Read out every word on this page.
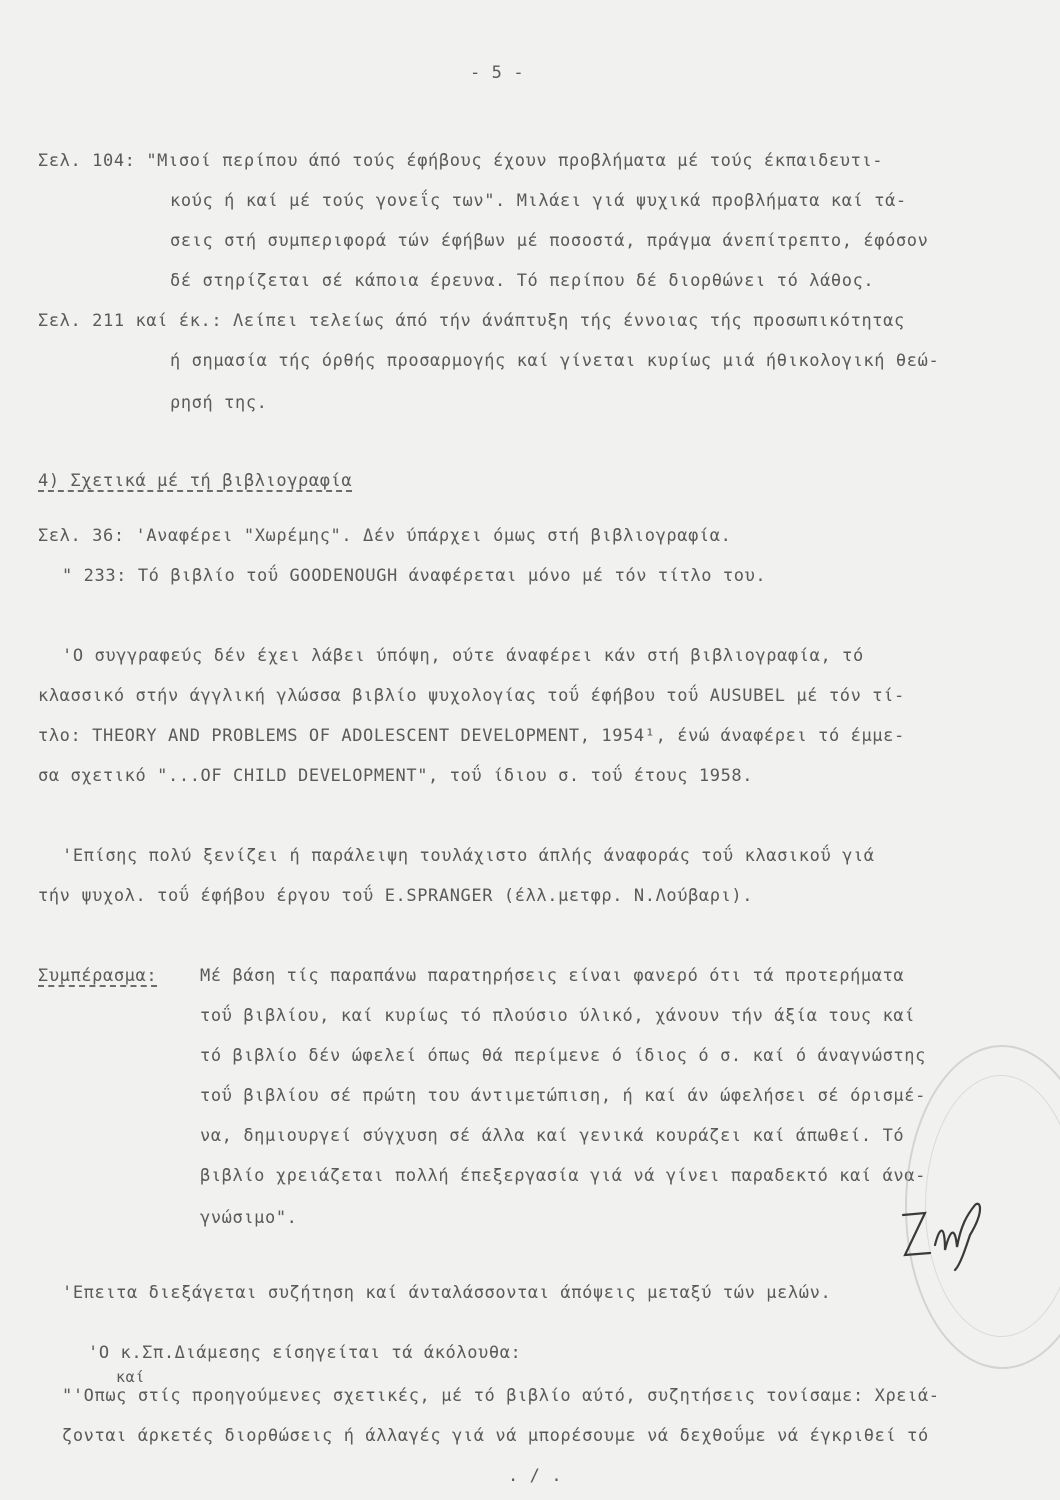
- 5 -
Σελ. 104: "Μισοί περίπου άπό τούς έφήβους έχουν προβλήματα μέ τούς έκπαιδευτι-
κούς ή καί μέ τούς γονεΐς των". Μιλάει γιά ψυχικά προβλήματα καί τά-
σεις στή συμπεριφορά τών έφήβων μέ ποσοστά, πράγμα άνεπίτρεπτο, έφόσον
δέ στηρίζεται σέ κάποια έρευνα. Τό περίπου δέ διορθώνει τό λάθος.
Σελ. 211 καί έκ.: Λείπει τελείως άπό τήν άνάπτυξη τής έννοιας τής προσωπικότητας
ή σημασία τής όρθής προσαρμογής καί γίνεται κυρίως μιά ήθικολογική θεώ-
ρησή της.
4) Σχετικά μέ τή βιβλιογραφία
Σελ. 36: 'Αναφέρει "Χωρέμης". Δέν ύπάρχει όμως στή βιβλιογραφία.
" 233: Τό βιβλίο τοΰ GOODENOUGH άναφέρεται μόνο μέ τόν τίτλο του.
'Ο συγγραφεύς δέν έχει λάβει ύπόψη, ούτε άναφέρει κάν στή βιβλιογραφία, τό
κλασσικό στήν άγγλική γλώσσα βιβλίο ψυχολογίας τοΰ έφήβου τοΰ AUSUBEL μέ τόν τί-
τλο: THEORY AND PROBLEMS OF ADOLESCENT DEVELOPMENT, 1954¹, ένώ άναφέρει τό έμμε-
σα σχετικό "...OF CHILD DEVELOPMENT", τοΰ ίδιου σ. τοΰ έτους 1958.
'Επίσης πολύ ξενίζει ή παράλειψη τουλάχιστο άπλής άναφοράς τοΰ κλασικοΰ γιά
τήν ψυχολ. τοΰ έφήβου έργου τοΰ E.SPRANGER (έλλ.μετφρ. Ν.Λούβαρι).
Συμπέρασμα:	Μέ βάση τίς παραπάνω παρατηρήσεις είναι φανερό ότι τά προτερήματα
τοΰ βιβλίου, καί κυρίως τό πλούσιο ύλικό, χάνουν τήν άξία τους καί
τό βιβλίο δέν ώφελεί όπως θά περίμενε ό ίδιος ό σ. καί ό άναγνώστης
τοΰ βιβλίου σέ πρώτη του άντιμετώπιση, ή καί άν ώφελήσει σέ όρισμέ-
να, δημιουργεί σύγχυση σέ άλλα καί γενικά κουράζει καί άπωθεί. Τό
βιβλίο χρειάζεται πολλή έπεξεργασία γιά νά γίνει παραδεκτό καί άνα-
γνώσιμο".
'Επειτα διεξάγεται συζήτηση καί άνταλάσσονται άπόψεις μεταξύ τών μελών.
'Ο κ.Σπ.Διάμεσης είσηγείται τά άκόλουθα:
"'Οπως στίς προηγούμενες σχετικές, μέ τό βιβλίο αύτό, συζητήσεις τονίσαμε: Χρειά-
ζονται άρκετές διορθώσεις ή άλλαγές γιά νά μπορέσουμε νά δεχθοΰμε νά έγκριθεί τό
. / .
καί
